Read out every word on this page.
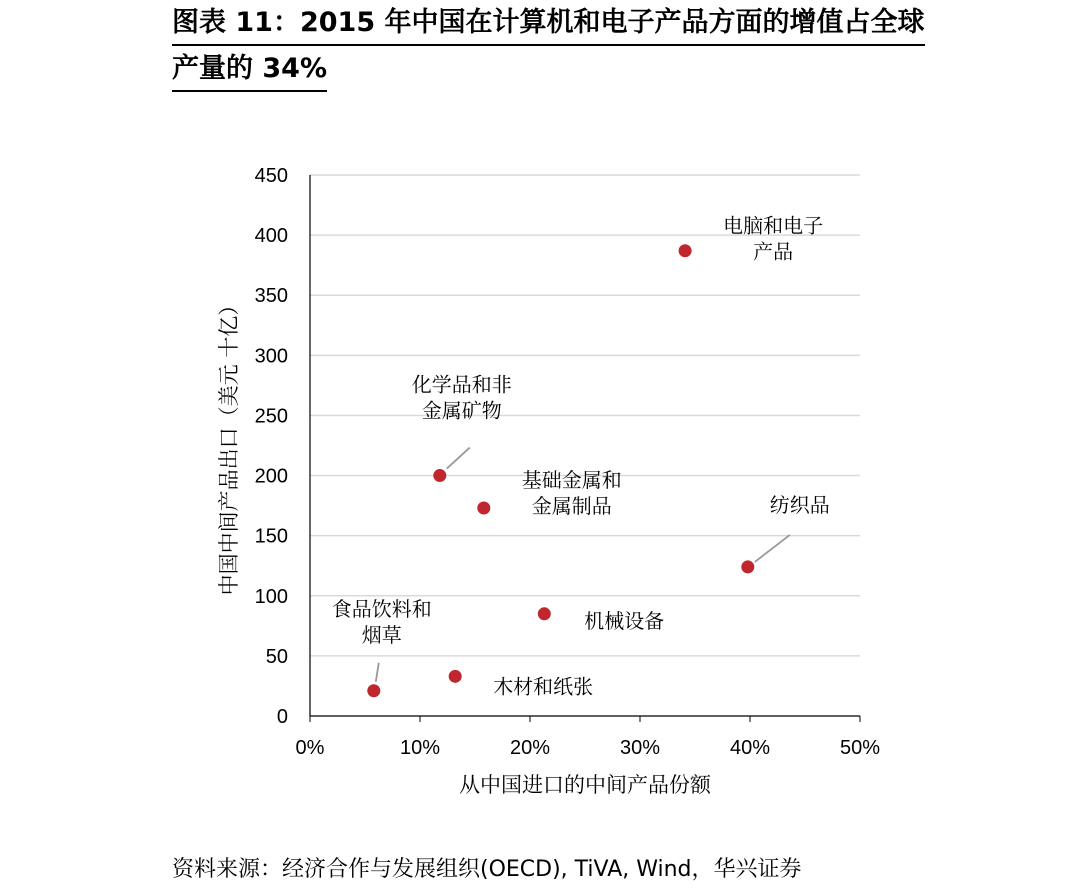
图表 11：2015 年中国在计算机和电子产品方面的增值占全球
产量的 34%
0
50
100
150
200
250
300
350
400
450
0%	10%	20%	30%	40%	50%
电脑和电子
产品
化学品和非
金属矿物
基础金属和
金属制品	纺织品
机械设备
食品饮料和
烟草
木材和纸张
从中国进口的中间产品份额
中国中间产品出口（美元 十亿）
资料来源：经济合作与发展组织(OECD), TiVA, Wind，华兴证券
